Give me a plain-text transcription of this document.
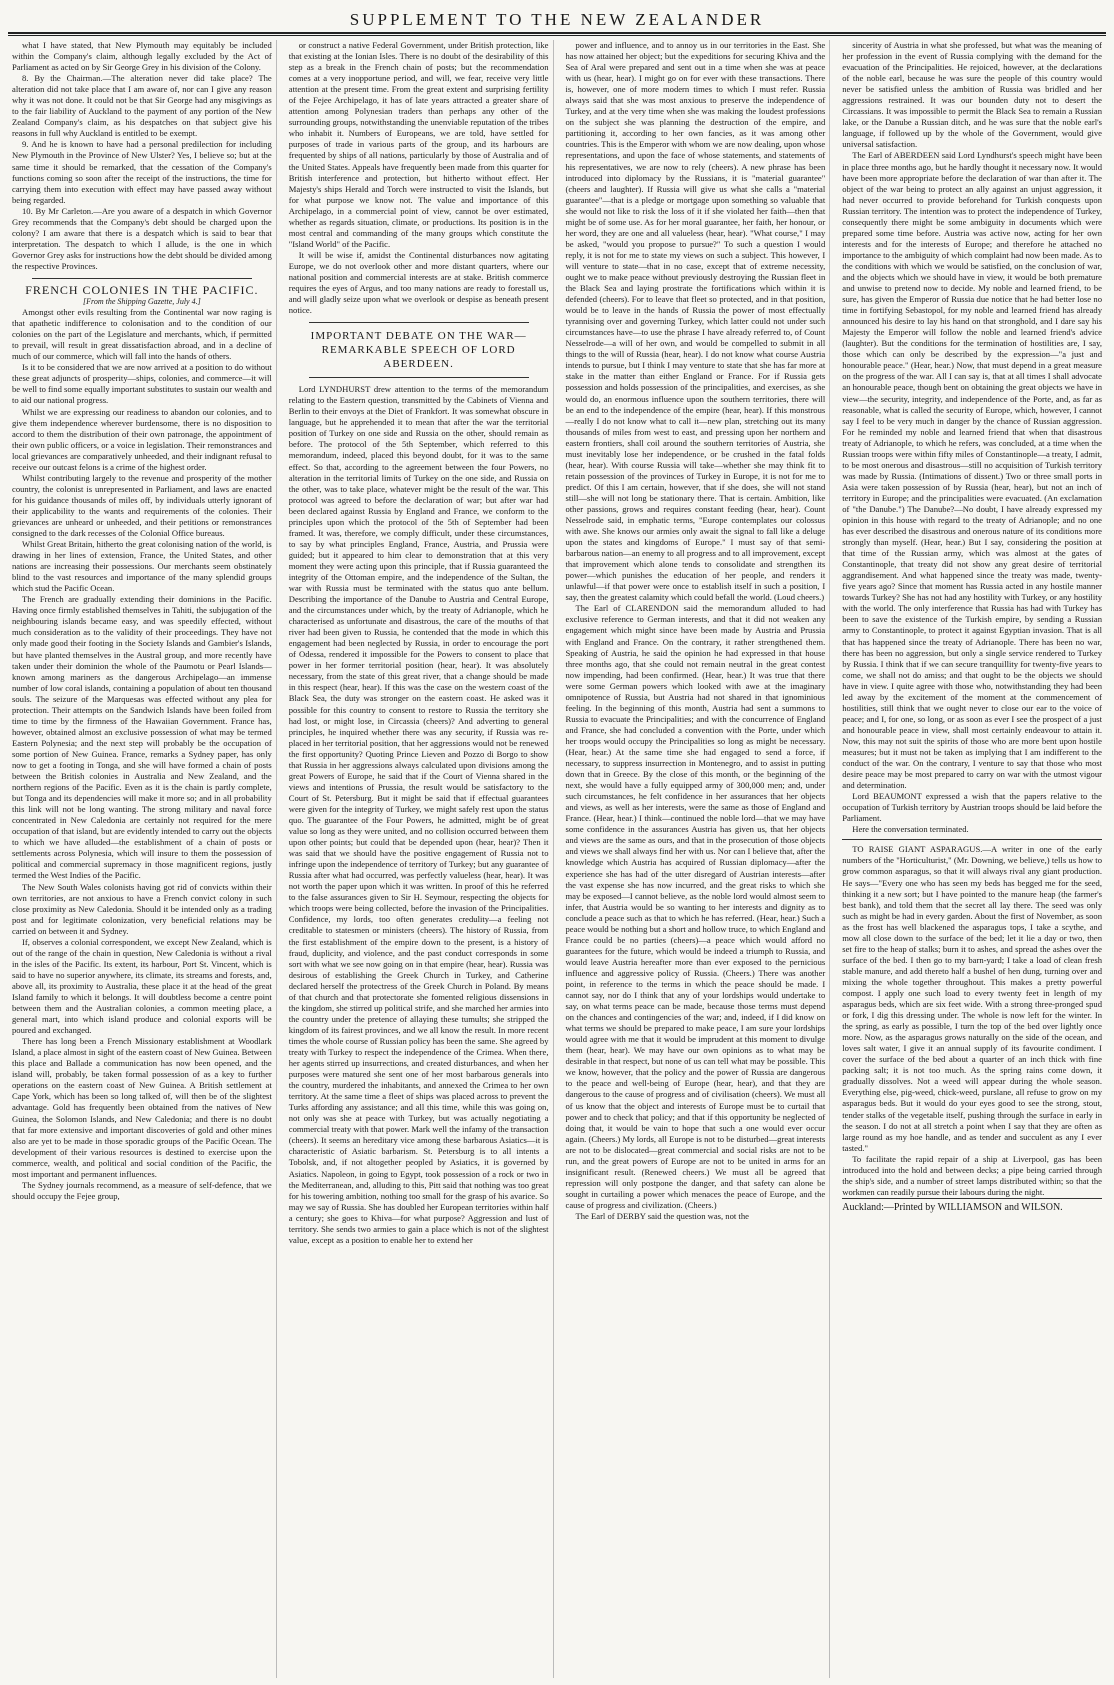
SUPPLEMENT TO THE NEW ZEALANDER

what I have stated, that New Plymouth may equitably be included within the Company's claim, although legally excluded by the Act of Parliament as acted on by Sir George Grey in his division of the Colony.

8. By the Chairman.—The alteration never did take place? The alteration did not take place that I am aware of, nor can I give any reason why it was not done. It could not be that Sir George had any misgivings as to the fair liability of Auckland to the payment of any portion of the New Zealand Company's claim, as his despatches on that subject give his reasons in full why Auckland is entitled to be exempt.

9. And he is known to have had a personal predilection for including New Plymouth in the Province of New Ulster? Yes, I believe so; but at the same time it should be remarked, that the cessation of the Company's functions coming so soon after the receipt of the instructions, the time for carrying them into execution with effect may have passed away without being regarded.

10. By Mr Carleton.—Are you aware of a despatch in which Governor Grey recommends that the Company's debt should be charged upon the colony? I am aware that there is a despatch which is said to bear that interpretation. The despatch to which I allude, is the one in which Governor Grey asks for instructions how the debt should be divided among the respective Provinces.

FRENCH COLONIES IN THE PACIFIC.

[From the Shipping Gazette, July 4.]

Amongst other evils resulting from the Continental war now raging is that apathetic indifference to colonisation and to the condition of our colonies on the part of the Legislature and merchants, which, if permitted to prevail, will result in great dissatisfaction abroad, and in a decline of much of our commerce, which will fall into the hands of others.

Is it to be considered that we are now arrived at a position to do without these great adjuncts of prosperity—ships, colonies, and commerce—it will be well to find some equally important substitutes to sustain our wealth and to aid our national progress.

Whilst we are expressing our readiness to abandon our colonies, and to give them independence wherever burdensome, there is no disposition to accord to them the distribution of their own patronage, the appointment of their own public officers, or a voice in legislation. Their remonstrances and local grievances are comparatively unheeded, and their indignant refusal to receive our outcast felons is a crime of the highest order.

Whilst contributing largely to the revenue and prosperity of the mother country, the colonist is unrepresented in Parliament, and laws are enacted for his guidance thousands of miles off, by individuals utterly ignorant of their applicability to the wants and requirements of the colonies. Their grievances are unheard or unheeded, and their petitions or remonstrances consigned to the dark recesses of the Colonial Office bureaus.

Whilst Great Britain, hitherto the great colonising nation of the world, is drawing in her lines of extension, France, the United States, and other nations are increasing their possessions. Our merchants seem obstinately blind to the vast resources and importance of the many splendid groups which stud the Pacific Ocean.

The French are gradually extending their dominions in the Pacific. Having once firmly established themselves in Tahiti, the subjugation of the neighbouring islands became easy, and was speedily effected, without much consideration as to the validity of their proceedings. They have not only made good their footing in the Society Islands and Gambier's Islands, but have planted themselves in the Austral group, and more recently have taken under their dominion the whole of the Paumotu or Pearl Islands—known among mariners as the dangerous Archipelago—an immense number of low coral islands, containing a population of about ten thousand souls. The seizure of the Marquesas was effected without any plea for protection. Their attempts on the Sandwich Islands have been foiled from time to time by the firmness of the Hawaiian Government. France has, however, obtained almost an exclusive possession of what may be termed Eastern Polynesia; and the next step will probably be the occupation of some portion of New Guinea. France, remarks a Sydney paper, has only now to get a footing in Tonga, and she will have formed a chain of posts between the British colonies in Australia and New Zealand, and the northern regions of the Pacific. Even as it is the chain is partly complete, but Tonga and its dependencies will make it more so; and in all probability this link will not be long wanting. The strong military and naval force concentrated in New Caledonia are certainly not required for the mere occupation of that island, but are evidently intended to carry out the objects to which we have alluded—the establishment of a chain of posts or settlements across Polynesia, which will insure to them the possession of political and commercial supremacy in those magnificent regions, justly termed the West Indies of the Pacific.

The New South Wales colonists having got rid of convicts within their own territories, are not anxious to have a French convict colony in such close proximity as New Caledonia. Should it be intended only as a trading post and for legitimate colonization, very beneficial relations may be carried on between it and Sydney.

If, observes a colonial correspondent, we except New Zealand, which is out of the range of the chain in question, New Caledonia is without a rival in the isles of the Pacific. Its extent, its harbour, Port St. Vincent, which is said to have no superior anywhere, its climate, its streams and forests, and, above all, its proximity to Australia, these place it at the head of the great Island family to which it belongs. It will doubtless become a centre point between them and the Australian colonies, a common meeting place, a general mart, into which island produce and colonial exports will be poured and exchanged.

There has long been a French Missionary establishment at Woodlark Island, a place almost in sight of the eastern coast of New Guinea. Between this place and Ballade a communication has now been opened, and the island will, probably, be taken formal possession of as a key to further operations on the eastern coast of New Guinea. A British settlement at Cape York, which has been so long talked of, will then be of the slightest advantage. Gold has frequently been obtained from the natives of New Guinea, the Solomon Islands, and New Caledonia; and there is no doubt that far more extensive and important discoveries of gold and other mines also are yet to be made in those sporadic groups of the Pacific Ocean. The development of their various resources is destined to exercise upon the commerce, wealth, and political and social condition of the Pacific, the most important and permanent influences.

The Sydney journals recommend, as a measure of self-defence, that we should occupy the Fejee group,

or construct a native Federal Government, under British protection, like that existing at the Ionian Isles. There is no doubt of the desirability of this step as a break in the French chain of posts; but the recommendation comes at a very inopportune period, and will, we fear, receive very little attention at the present time. From the great extent and surprising fertility of the Fejee Archipelago, it has of late years attracted a greater share of attention among Polynesian traders than perhaps any other of the surrounding groups, notwithstanding the unenviable reputation of the tribes who inhabit it. Numbers of Europeans, we are told, have settled for purposes of trade in various parts of the group, and its harbours are frequented by ships of all nations, particularly by those of Australia and of the United States. Appeals have frequently been made from this quarter for British interference and protection, but hitherto without effect. Her Majesty's ships Herald and Torch were instructed to visit the Islands, but for what purpose we know not. The value and importance of this Archipelago, in a commercial point of view, cannot be over estimated, whether as regards situation, climate, or productions. Its position is in the most central and commanding of the many groups which constitute the "Island World" of the Pacific.

It will be wise if, amidst the Continental disturbances now agitating Europe, we do not overlook other and more distant quarters, where our national position and commercial interests are at stake. British commerce requires the eyes of Argus, and too many nations are ready to forestall us, and will gladly seize upon what we overlook or despise as beneath present notice.

IMPORTANT DEBATE ON THE WAR—REMARKABLE SPEECH OF LORD ABERDEEN.

Lord LYNDHURST drew attention to the terms of the memorandum relating to the Eastern question, transmitted by the Cabinets of Vienna and Berlin to their envoys at the Diet of Frankfort. It was somewhat obscure in language, but he apprehended it to mean that after the war the territorial position of Turkey on one side and Russia on the other, should remain as before. The protocol of the 5th September, which referred to this memorandum, indeed, placed this beyond doubt, for it was to the same effect. So that, according to the agreement between the four Powers, no alteration in the territorial limits of Turkey on the one side, and Russia on the other, was to take place, whatever might be the result of the war. This protocol was agreed to before the declaration of war; but after war had been declared against Russia by England and France, we conform to the principles upon which the protocol of the 5th of September had been framed. It was, therefore, we comply difficult, under these circumstances, to say by what principles England, France, Austria, and Prussia were guided; but it appeared to him clear to demonstration that at this very moment they were acting upon this principle, that if Russia guaranteed the integrity of the Ottoman empire, and the independence of the Sultan, the war with Russia must be terminated with the status quo ante bellum. Describing the importance of the Danube to Austria and Central Europe, and the circumstances under which, by the treaty of Adrianople, which he characterised as unfortunate and disastrous, the care of the mouths of that river had been given to Russia, he contended that the mode in which this engagement had been neglected by Russia, in order to encourage the port of Odessa, rendered it impossible for the Powers to consent to place that power in her former territorial position (hear, hear). It was absolutely necessary, from the state of this great river, that a change should be made in this respect (hear, hear). If this was the case on the western coast of the Black Sea, the duty was stronger on the eastern coast. He asked was it possible for this country to consent to restore to Russia the territory she had lost, or might lose, in Circassia (cheers)? And adverting to general principles, he inquired whether there was any security, if Russia was re-placed in her territorial position, that her aggressions would not be renewed the first opportunity? Quoting Prince Lieven and Pozzo di Borgo to show that Russia in her aggressions always calculated upon divisions among the great Powers of Europe, he said that if the Court of Vienna shared in the views and intentions of Prussia, the result would be satisfactory to the Court of St. Petersburg. But it might be said that if effectual guarantees were given for the integrity of Turkey, we might safely rest upon the status quo. The guarantee of the Four Powers, he admitted, might be of great value so long as they were united, and no collision occurred between them upon other points; but could that be depended upon (hear, hear)? Then it was said that we should have the positive engagement of Russia not to infringe upon the independence of territory of Turkey; but any guarantee of Russia after what had occurred, was perfectly valueless (hear, hear). It was not worth the paper upon which it was written. In proof of this he referred to the false assurances given to Sir H. Seymour, respecting the objects for which troops were being collected, before the invasion of the Principalities. Confidence, my lords, too often generates credulity—a feeling not creditable to statesmen or ministers (cheers). The history of Russia, from the first establishment of the empire down to the present, is a history of fraud, duplicity, and violence, and the past conduct corresponds in some sort with what we see now going on in that empire (hear, hear). Russia was desirous of establishing the Greek Church in Turkey, and Catherine declared herself the protectress of the Greek Church in Poland. By means of that church and that protectorate she fomented religious dissensions in the kingdom, she stirred up political strife, and she marched her armies into the country under the pretence of allaying these tumults; she stripped the kingdom of its fairest provinces, and we all know the result. In more recent times the whole course of Russian policy has been the same. She agreed by treaty with Turkey to respect the independence of the Crimea. When there, her agents stirred up insurrections, and created disturbances, and when her purposes were matured she sent one of her most barbarous generals into the country, murdered the inhabitants, and annexed the Crimea to her own territory. At the same time a fleet of ships was placed across to prevent the Turks affording any assistance; and all this time, while this was going on, not only was she at peace with Turkey, but was actually negotiating a commercial treaty with that power. Mark well the infamy of the transaction (cheers). It seems an hereditary vice among these barbarous Asiatics—it is characteristic of Asiatic barbarism. St. Petersburg is to all intents a Tobolsk, and, if not altogether peopled by Asiatics, it is governed by Asiatics. Napoleon, in going to Egypt, took possession of a rock or two in the Mediterranean, and, alluding to this, Pitt said that nothing was too great for his towering ambition, nothing too small for the grasp of his avarice. So may we say of Russia. She has doubled her European territories within half a century; she goes to Khiva—for what purpose? Aggression and lust of territory. She sends two armies to gain a place which is not of the slightest value, except as a position to enable her to extend her

power and influence, and to annoy us in our territories in the East. She has now attained her object; but the expeditions for securing Khiva and the Sea of Aral were prepared and sent out in a time when she was at peace with us (hear, hear). I might go on for ever with these transactions. There is, however, one of more modern times to which I must refer. Russia always said that she was most anxious to preserve the independence of Turkey, and at the very time when she was making the loudest professions on the subject she was planning the destruction of the empire, and partitioning it, according to her own fancies, as it was among other countries. This is the Emperor with whom we are now dealing, upon whose representations, and upon the face of whose statements, and statements of his representatives, we are now to rely (cheers). A new phrase has been introduced into diplomacy by the Russians, it is "material guarantee" (cheers and laughter). If Russia will give us what she calls a "material guarantee"—that is a pledge or mortgage upon something so valuable that she would not like to risk the loss of it if she violated her faith—then that might be of some use. As for her moral guarantee, her faith, her honour, or her word, they are one and all valueless (hear, hear). "What course," I may be asked, "would you propose to pursue?" To such a question I would reply, it is not for me to state my views on such a subject. This however, I will venture to state—that in no case, except that of extreme necessity, ought we to make peace without previously destroying the Russian fleet in the Black Sea and laying prostrate the fortifications which within it is defended (cheers). For to leave that fleet so protected, and in that position, would be to leave in the hands of Russia the power of most effectually tyrannising over and governing Turkey, which latter could not under such circumstances have—to use the phrase I have already referred to, of Count Nesselrode—a will of her own, and would be compelled to submit in all things to the will of Russia (hear, hear). I do not know what course Austria intends to pursue, but I think I may venture to state that she has far more at stake in the matter than either England or France. For if Russia gets possession and holds possession of the principalities, and exercises, as she would do, an enormous influence upon the southern territories, there will be an end to the independence of the empire (hear, hear). If this monstrous—really I do not know what to call it—new plan, stretching out its many thousands of miles from west to east, and pressing upon her northern and eastern frontiers, shall coil around the southern territories of Austria, she must inevitably lose her independence, or be crushed in the fatal folds (hear, hear). With course Russia will take—whether she may think fit to retain possession of the provinces of Turkey in Europe, it is not for me to predict. Of this I am certain, however, that if she does, she will not stand still—she will not long be stationary there. That is certain. Ambition, like other passions, grows and requires constant feeding (hear, hear). Count Nesselrode said, in emphatic terms, "Europe contemplates our colossus with awe. She knows our armies only await the signal to fall like a deluge upon the states and kingdoms of Europe." I must say of that semi-barbarous nation—an enemy to all progress and to all improvement, except that improvement which alone tends to consolidate and strengthen its power—which punishes the education of her people, and renders it unlawful—if that power were once to establish itself in such a position, I say, then the greatest calamity which could befall the world. (Loud cheers.)

The Earl of CLARENDON said the memorandum alluded to had exclusive reference to German interests, and that it did not weaken any engagement which might since have been made by Austria and Prussia with England and France. On the contrary, it rather strengthened them. Speaking of Austria, he said the opinion he had expressed in that house three months ago, that she could not remain neutral in the great contest now impending, had been confirmed. (Hear, hear.) It was true that there were some German powers which looked with awe at the imaginary omnipotence of Russia, but Austria had not shared in that ignominious feeling. In the beginning of this month, Austria had sent a summons to Russia to evacuate the Principalities; and with the concurrence of England and France, she had concluded a convention with the Porte, under which her troops would occupy the Principalities so long as might be necessary. (Hear, hear.) At the same time she had engaged to send a force, if necessary, to suppress insurrection in Montenegro, and to assist in putting down that in Greece. By the close of this month, or the beginning of the next, she would have a fully equipped army of 300,000 men; and, under such circumstances, he felt confidence in her assurances that her objects and views, as well as her interests, were the same as those of England and France. (Hear, hear.) I think—continued the noble lord—that we may have some confidence in the assurances Austria has given us, that her objects and views are the same as ours, and that in the prosecution of those objects and views we shall always find her with us. Nor can I believe that, after the knowledge which Austria has acquired of Russian diplomacy—after the experience she has had of the utter disregard of Austrian interests—after the vast expense she has now incurred, and the great risks to which she may be exposed—I cannot believe, as the noble lord would almost seem to infer, that Austria would be so wanting to her interests and dignity as to conclude a peace such as that to which he has referred. (Hear, hear.) Such a peace would be nothing but a short and hollow truce, to which England and France could be no parties (cheers)—a peace which would afford no guarantees for the future, which would be indeed a triumph to Russia, and would leave Austria hereafter more than ever exposed to the pernicious influence and aggressive policy of Russia. (Cheers.) There was another point, in reference to the terms in which the peace should be made. I cannot say, nor do I think that any of your lordships would undertake to say, on what terms peace can be made, because those terms must depend on the chances and contingencies of the war; and, indeed, if I did know on what terms we should be prepared to make peace, I am sure your lordships would agree with me that it would be imprudent at this moment to divulge them (hear, hear). We may have our own opinions as to what may be desirable in that respect, but none of us can tell what may be possible. This we know, however, that the policy and the power of Russia are dangerous to the peace and well-being of Europe (hear, hear), and that they are dangerous to the cause of progress and of civilisation (cheers). We must all of us know that the object and interests of Europe must be to curtail that power and to check that policy; and that if this opportunity be neglected of doing that, it would be vain to hope that such a one would ever occur again. (Cheers.) My lords, all Europe is not to be disturbed—great interests are not to be dislocated—great commercial and social risks are not to be run, and the great powers of Europe are not to be united in arms for an insignificant result. (Renewed cheers.) We must all be agreed that repression will only postpone the danger, and that safety can alone be sought in curtailing a power which menaces the peace of Europe, and the cause of progress and civilization. (Cheers.)

The Earl of DERBY said the question was, not the

sincerity of Austria in what she professed, but what was the meaning of her profession in the event of Russia complying with the demand for the evacuation of the Principalities. He rejoiced, however, at the declarations of the noble earl, because he was sure the people of this country would never be satisfied unless the ambition of Russia was bridled and her aggressions restrained. It was our bounden duty not to desert the Circassians. It was impossible to permit the Black Sea to remain a Russian lake, or the Danube a Russian ditch, and he was sure that the noble earl's language, if followed up by the whole of the Government, would give universal satisfaction.

The Earl of ABERDEEN said Lord Lyndhurst's speech might have been in place three months ago, but he hardly thought it necessary now. It would have been more appropriate before the declaration of war than after it. The object of the war being to protect an ally against an unjust aggression, it had never occurred to provide beforehand for Turkish conquests upon Russian territory. The intention was to protect the independence of Turkey, consequently there might be some ambiguity in documents which were prepared some time before. Austria was active now, acting for her own interests and for the interests of Europe; and therefore he attached no importance to the ambiguity of which complaint had now been made. As to the conditions with which we would be satisfied, on the conclusion of war, and the objects which we should have in view, it would be both premature and unwise to pretend now to decide. My noble and learned friend, to be sure, has given the Emperor of Russia due notice that he had better lose no time in fortifying Sebastopol, for my noble and learned friend has already announced his desire to lay his hand on that stronghold, and I dare say his Majesty the Emperor will follow the noble and learned friend's advice (laughter). But the conditions for the termination of hostilities are, I say, those which can only be described by the expression—"a just and honourable peace." (Hear, hear.) Now, that must depend in a great measure on the progress of the war. All I can say is, that at all times I shall advocate an honourable peace, though bent on obtaining the great objects we have in view—the security, integrity, and independence of the Porte, and, as far as reasonable, what is called the security of Europe, which, however, I cannot say I feel to be very much in danger by the chance of Russian aggression. For he reminded my noble and learned friend that when that disastrous treaty of Adrianople, to which he refers, was concluded, at a time when the Russian troops were within fifty miles of Constantinople—a treaty, I admit, to be most onerous and disastrous—still no acquisition of Turkish territory was made by Russia. (Intimations of dissent.) Two or three small ports in Asia were taken possession of by Russia (hear, hear), but not an inch of territory in Europe; and the principalities were evacuated. (An exclamation of "the Danube.") The Danube?—No doubt, I have already expressed my opinion in this house with regard to the treaty of Adrianople; and no one has ever described the disastrous and onerous nature of its conditions more strongly than myself. (Hear, hear.) But I say, considering the position at that time of the Russian army, which was almost at the gates of Constantinople, that treaty did not show any great desire of territorial aggrandisement. And what happened since the treaty was made, twenty-five years ago? Since that moment has Russia acted in any hostile manner towards Turkey? She has not had any hostility with Turkey, or any hostility with the world. The only interference that Russia has had with Turkey has been to save the existence of the Turkish empire, by sending a Russian army to Constantinople, to protect it against Egyptian invasion. That is all that has happened since the treaty of Adrianople. There has been no war, there has been no aggression, but only a single service rendered to Turkey by Russia. I think that if we can secure tranquillity for twenty-five years to come, we shall not do amiss; and that ought to be the objects we should have in view. I quite agree with those who, notwithstanding they had been led away by the excitement of the moment at the commencement of hostilities, still think that we ought never to close our ear to the voice of peace; and I, for one, so long, or as soon as ever I see the prospect of a just and honourable peace in view, shall most certainly endeavour to attain it. Now, this may not suit the spirits of those who are more bent upon hostile measures; but it must not be taken as implying that I am indifferent to the conduct of the war. On the contrary, I venture to say that those who most desire peace may be most prepared to carry on war with the utmost vigour and determination.

Lord BEAUMONT expressed a wish that the papers relative to the occupation of Turkish territory by Austrian troops should be laid before the Parliament.

Here the conversation terminated.

TO RAISE GIANT ASPARAGUS.—A writer in one of the early numbers of the "Horticulturist," (Mr. Downing, we believe,) tells us how to grow common asparagus, so that it will always rival any giant production. He says—"Every one who has seen my beds has begged me for the seed, thinking it a new sort; but I have pointed to the manure heap (the farmer's best bank), and told them that the secret all lay there. The seed was only such as might be had in every garden. About the first of November, as soon as the frost has well blackened the asparagus tops, I take a scythe, and mow all close down to the surface of the bed; let it lie a day or two, then set fire to the heap of stalks; burn it to ashes, and spread the ashes over the surface of the bed. I then go to my barn-yard; I take a load of clean fresh stable manure, and add thereto half a bushel of hen dung, turning over and mixing the whole together throughout. This makes a pretty powerful compost. I apply one such load to every twenty feet in length of my asparagus beds, which are six feet wide. With a strong three-pronged spud or fork, I dig this dressing under. The whole is now left for the winter. In the spring, as early as possible, I turn the top of the bed over lightly once more. Now, as the asparagus grows naturally on the side of the ocean, and loves salt water, I give it an annual supply of its favourite condiment. I cover the surface of the bed about a quarter of an inch thick with fine packing salt; it is not too much. As the spring rains come down, it gradually dissolves. Not a weed will appear during the whole season. Everything else, pig-weed, chick-weed, purslane, all refuse to grow on my asparagus beds. But it would do your eyes good to see the strong, stout, tender stalks of the vegetable itself, pushing through the surface in early in the season. I do not at all stretch a point when I say that they are often as large round as my hoe handle, and as tender and succulent as any I ever tasted."

To facilitate the rapid repair of a ship at Liverpool, gas has been introduced into the hold and between decks; a pipe being carried through the ship's side, and a number of street lamps distributed within; so that the workmen can readily pursue their labours during the night.

Auckland:—Printed by WILLIAMSON and WILSON.
